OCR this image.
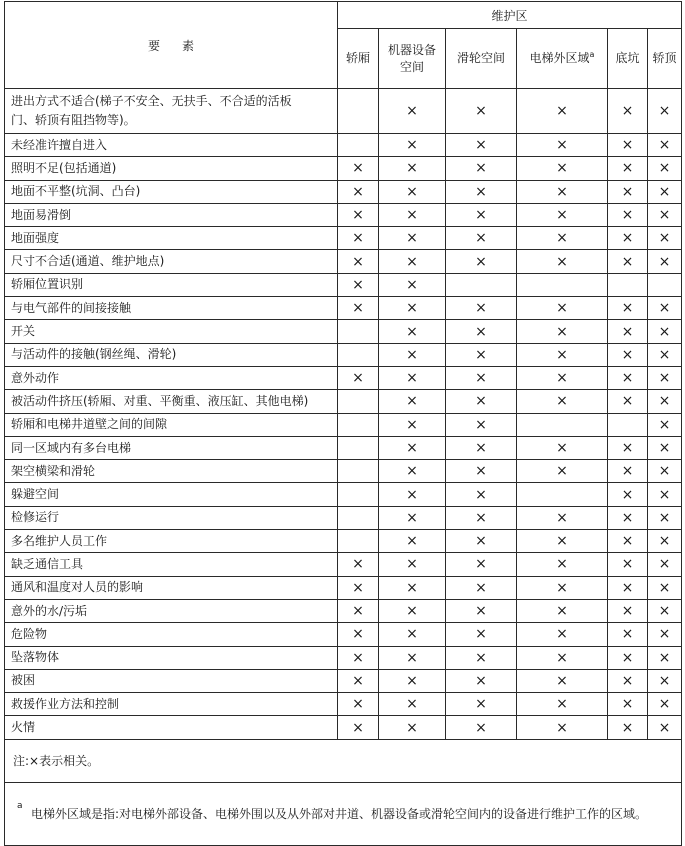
要素	维护区					
	轿厢	机器设备
空间	滑轮空间	电梯外区域$^a$	底坑	轿顶
进出方式不适合(梯子不安全、无扶手、不合适的活板
门、轿顶有阻挡物等)。		×	×	×	×	×
未经准许擅自进入		×	×	×	×	×
照明不足(包括通道)	×	×	×	×	×	×
地面不平整(坑洞、凸台)	×	×	×	×	×	×
地面易滑倒	×	×	×	×	×	×
地面强度	×	×	×	×	×	×
尺寸不合适(通道、维护地点)	×	×	×	×	×	×
轿厢位置识别	×	×				
与电气部件的间接接触	×	×	×	×	×	×
开关		×	×	×	×	×
与活动件的接触(钢丝绳、滑轮)		×	×	×	×	×
意外动作	×	×	×	×	×	×
被活动件挤压(轿厢、对重、平衡重、液压缸、其他电梯)		×	×	×	×	×
轿厢和电梯井道壁之间的间隙		×	×			×
同一区域内有多台电梯		×	×	×	×	×
架空横梁和滑轮		×	×	×	×	×
躲避空间		×	×		×	×
检修运行		×	×	×	×	×
多名维护人员工作		×	×	×	×	×
缺乏通信工具	×	×	×	×	×	×
通风和温度对人员的影响	×	×	×	×	×	×
意外的水/污垢	×	×	×	×	×	×
危险物	×	×	×	×	×	×
坠落物体	×	×	×	×	×	×
被困	×	×	×	×	×	×
救援作业方法和控制	×	×	×	×	×	×
火情	×	×	×	×	×	×
注:×表示相关。						

a
电梯外区域是指:对电梯外部设备、电梯外围以及从外部对井道、机器设备或滑轮空间内的设备进行维护工作的区域。						
